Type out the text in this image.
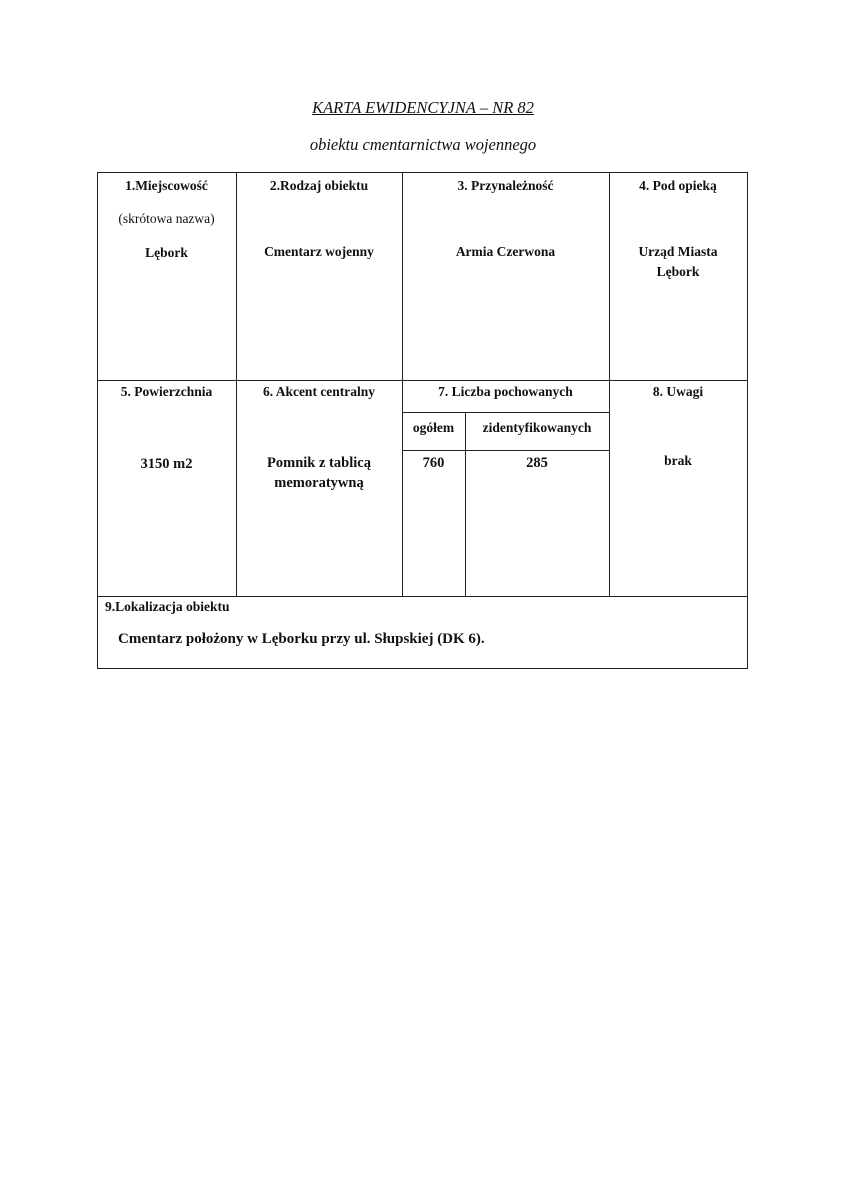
KARTA EWIDENCYJNA – NR 82
obiektu cmentarnictwa wojennego
1.Miejscowość
(skrótowa nazwa)
Lębork
2.Rodzaj obiektu
Cmentarz wojenny
3. Przynależność
Armia Czerwona
4. Pod opieką
Urząd Miasta
Lębork
5. Powierzchnia
3150 m2
6. Akcent centralny
Pomnik z tablicą
memoratywną
7. Liczba pochowanych
ogółem	zidentyfikowanych
760	285
8. Uwagi
brak
9.Lokalizacja obiektu
Cmentarz położony w Lęborku przy ul. Słupskiej (DK 6).
